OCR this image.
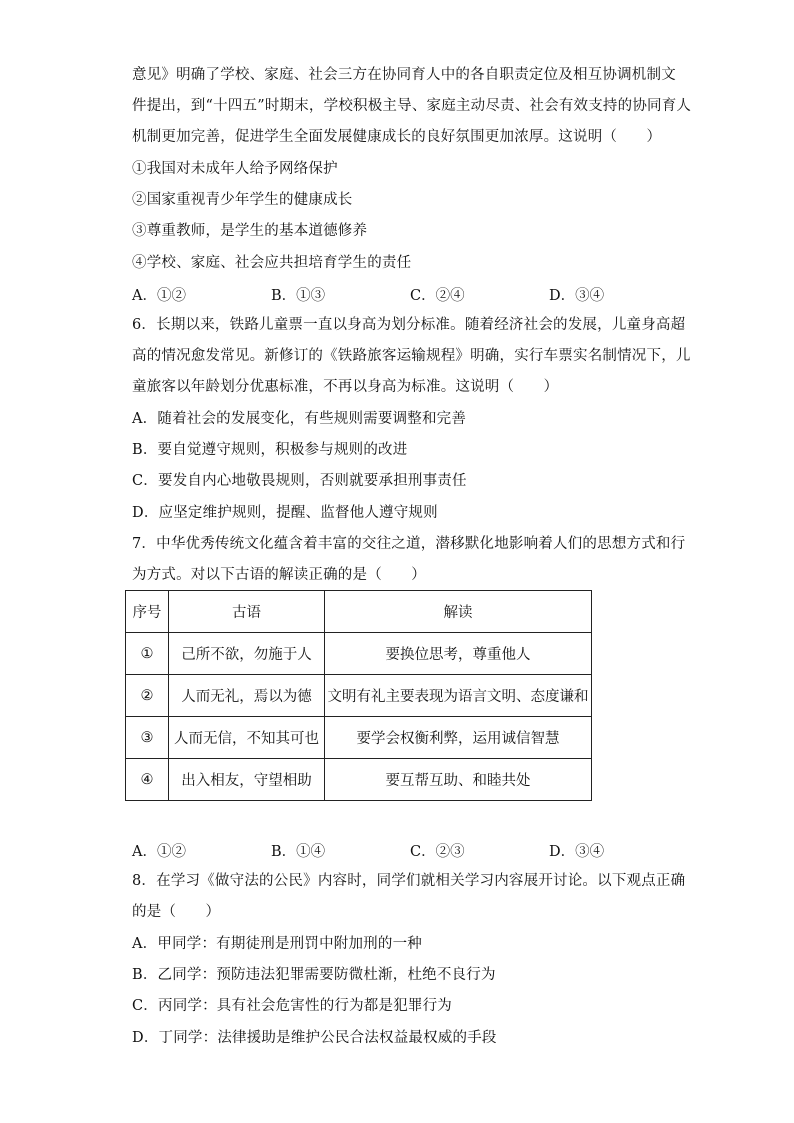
意见》明确了学校、家庭、社会三方在协同育人中的各自职责定位及相互协调机制文
件提出，到“十四五”时期末，学校积极主导、家庭主动尽责、社会有效支持的协同育人
机制更加完善，促进学生全面发展健康成长的良好氛围更加浓厚。这说明（　　）
①我国对未成年人给予网络保护
②国家重视青少年学生的健康成长
③尊重教师，是学生的基本道德修养
④学校、家庭、社会应共担培育学生的责任
A．①②	B．①③	C．②④	D．③④
6．长期以来，铁路儿童票一直以身高为划分标准。随着经济社会的发展，儿童身高超
高的情况愈发常见。新修订的《铁路旅客运输规程》明确，实行车票实名制情况下，儿
童旅客以年龄划分优惠标准，不再以身高为标准。这说明（　　）
A．随着社会的发展变化，有些规则需要调整和完善
B．要自觉遵守规则，积极参与规则的改进
C．要发自内心地敬畏规则，否则就要承担刑事责任
D．应坚定维护规则，提醒、监督他人遵守规则
7．中华优秀传统文化蕴含着丰富的交往之道，潜移默化地影响着人们的思想方式和行
为方式。对以下古语的解读正确的是（　　）
序号	古语	解读
①	己所不欲，勿施于人	要换位思考，尊重他人
②	人而无礼，焉以为德	文明有礼主要表现为语言文明、态度谦和
③	人而无信，不知其可也	要学会权衡利弊，运用诚信智慧
④	出入相友，守望相助	要互帮互助、和睦共处
A．①②	B．①④	C．②③	D．③④
8．在学习《做守法的公民》内容时，同学们就相关学习内容展开讨论。以下观点正确
的是（　　）
A．甲同学：有期徒刑是刑罚中附加刑的一种
B．乙同学：预防违法犯罪需要防微杜渐，杜绝不良行为
C．丙同学：具有社会危害性的行为都是犯罪行为
D．丁同学：法律援助是维护公民合法权益最权威的手段
